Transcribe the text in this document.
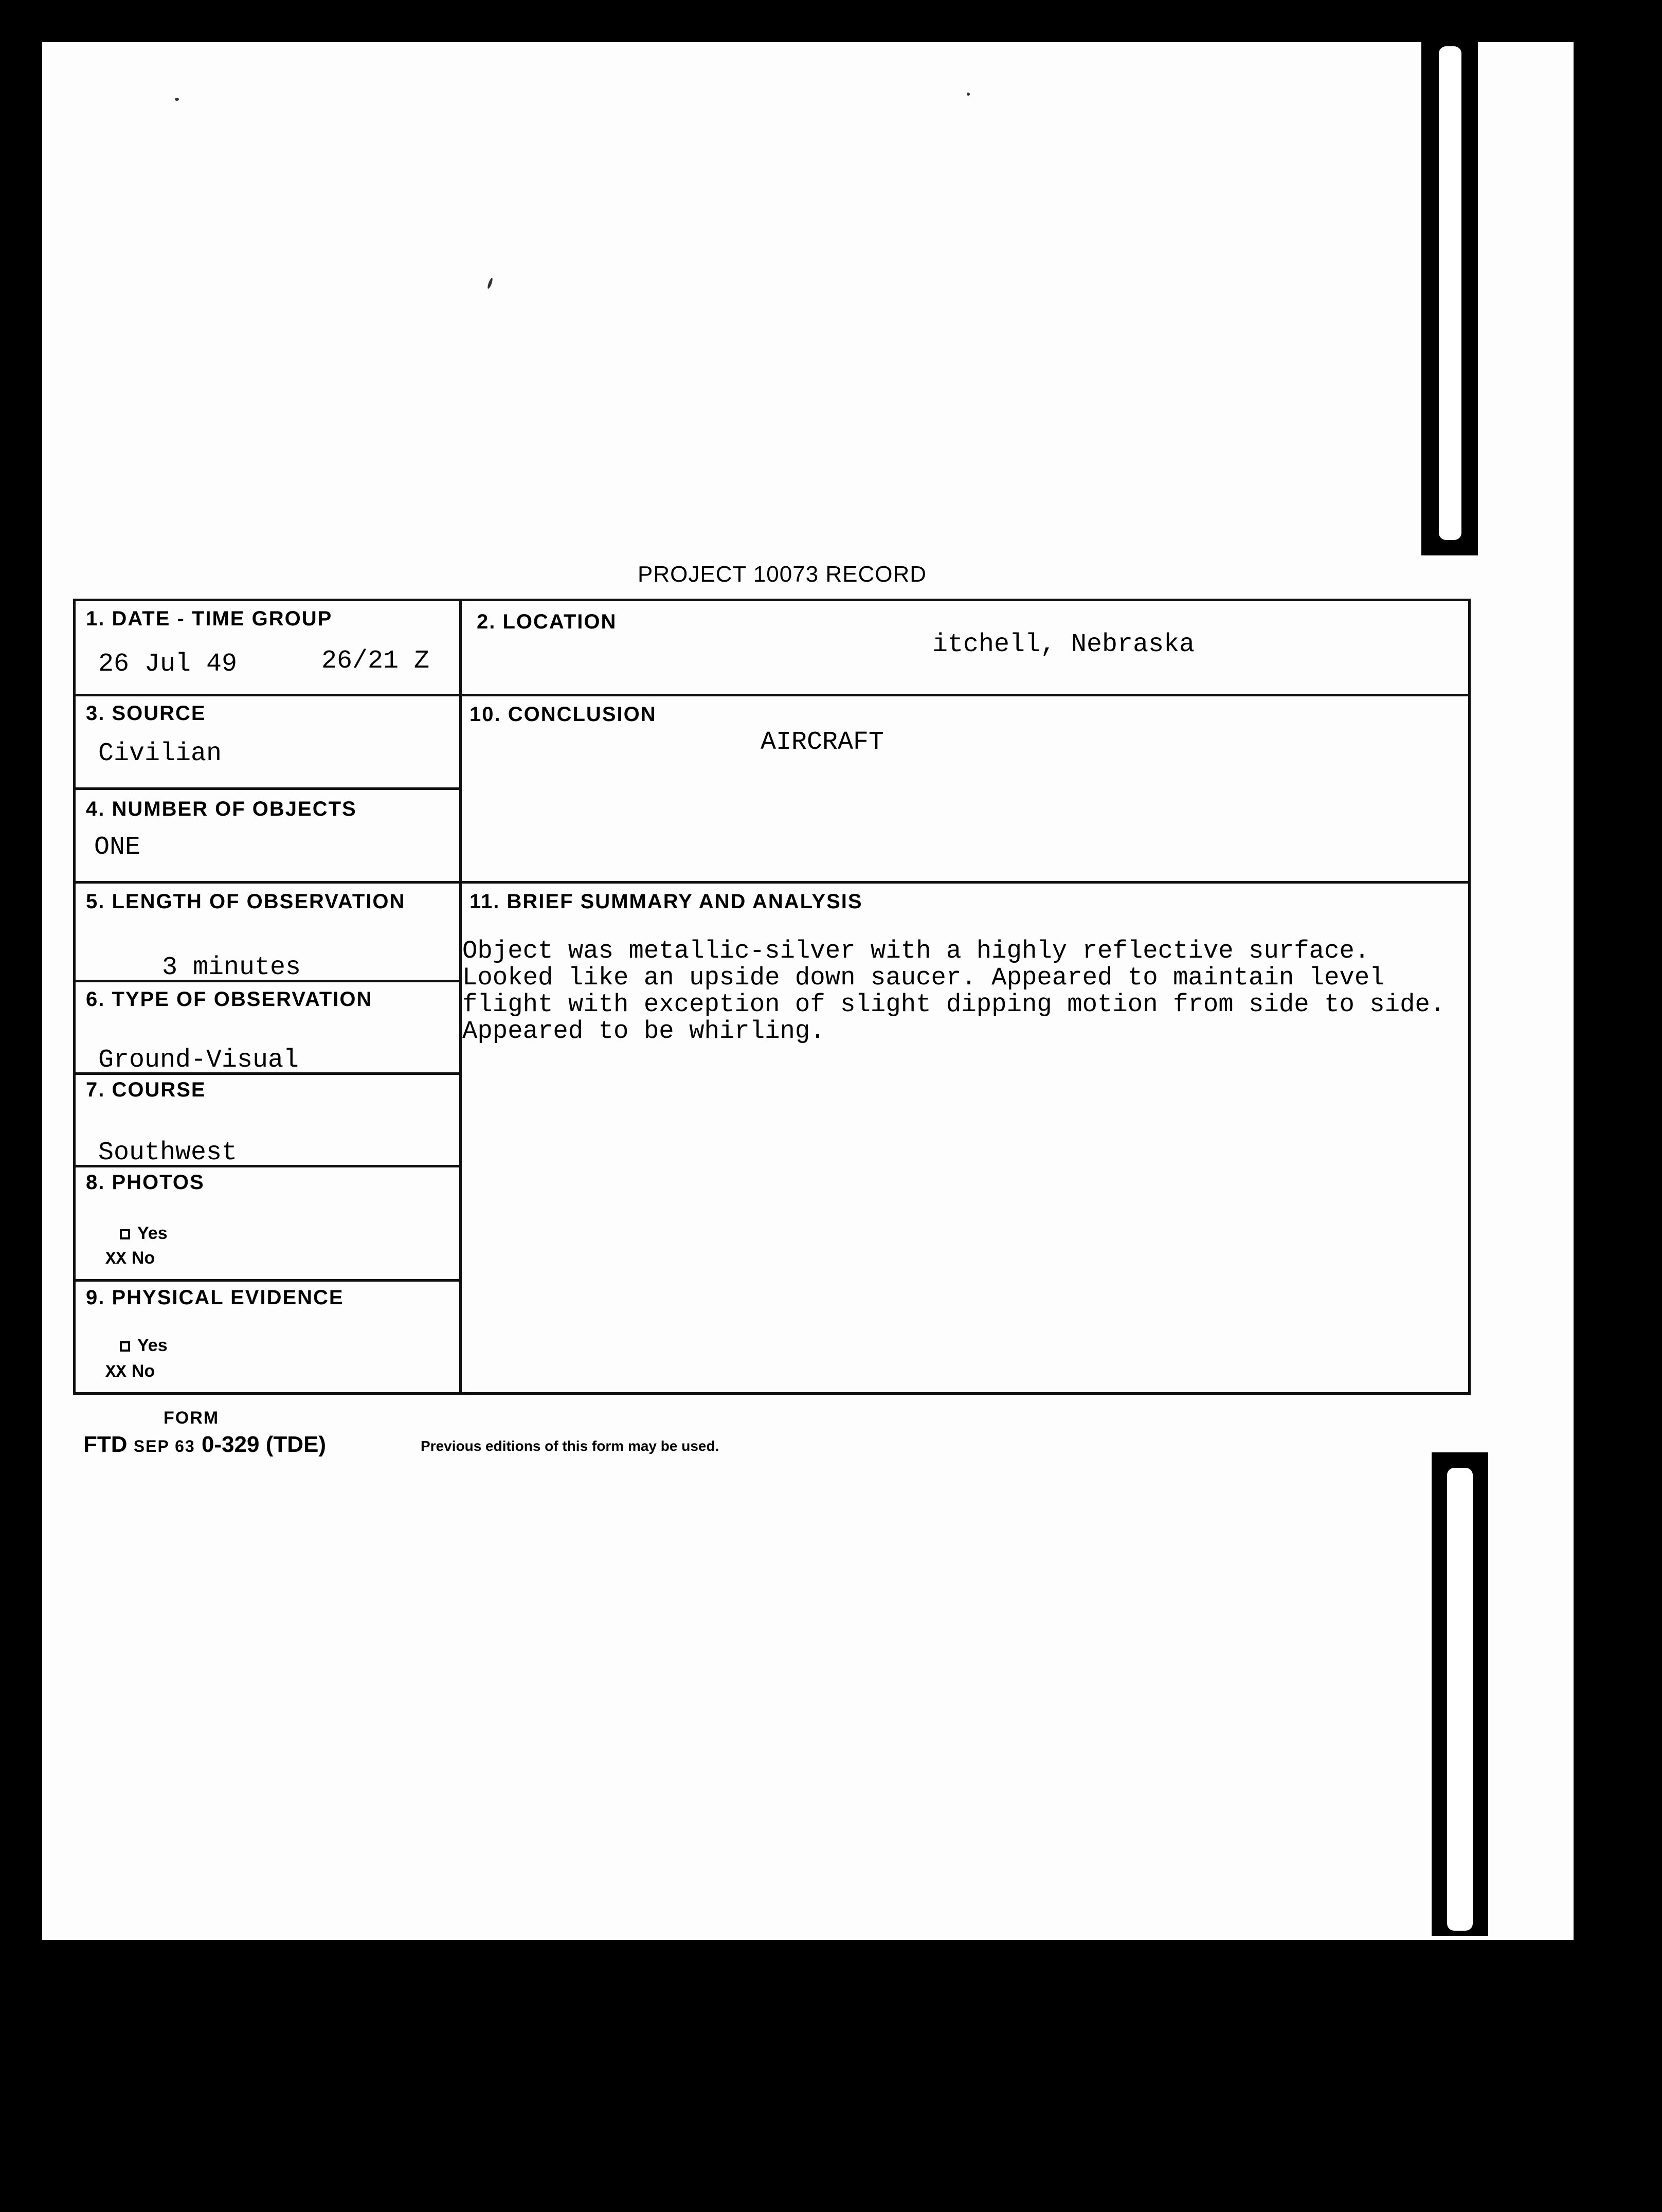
PROJECT 10073 RECORD
1. DATE - TIME GROUP
26 Jul 49	26/21 Z
2. LOCATION
itchell, Nebraska
3. SOURCE
Civilian
10. CONCLUSION
AIRCRAFT
4. NUMBER OF OBJECTS
ONE
5. LENGTH OF OBSERVATION
3 minutes
11. BRIEF SUMMARY AND ANALYSIS
Object was metallic-silver with a highly reflective surface.
Looked like an upside down saucer. Appeared to maintain level
flight with exception of slight dipping motion from side to side.
Appeared to be whirling.
6. TYPE OF OBSERVATION
Ground-Visual
7. COURSE
Southwest
8. PHOTOS
Yes
XX No
9. PHYSICAL EVIDENCE
Yes
XX No
FORM
FTD SEP 63 0-329 (TDE)	Previous editions of this form may be used.
